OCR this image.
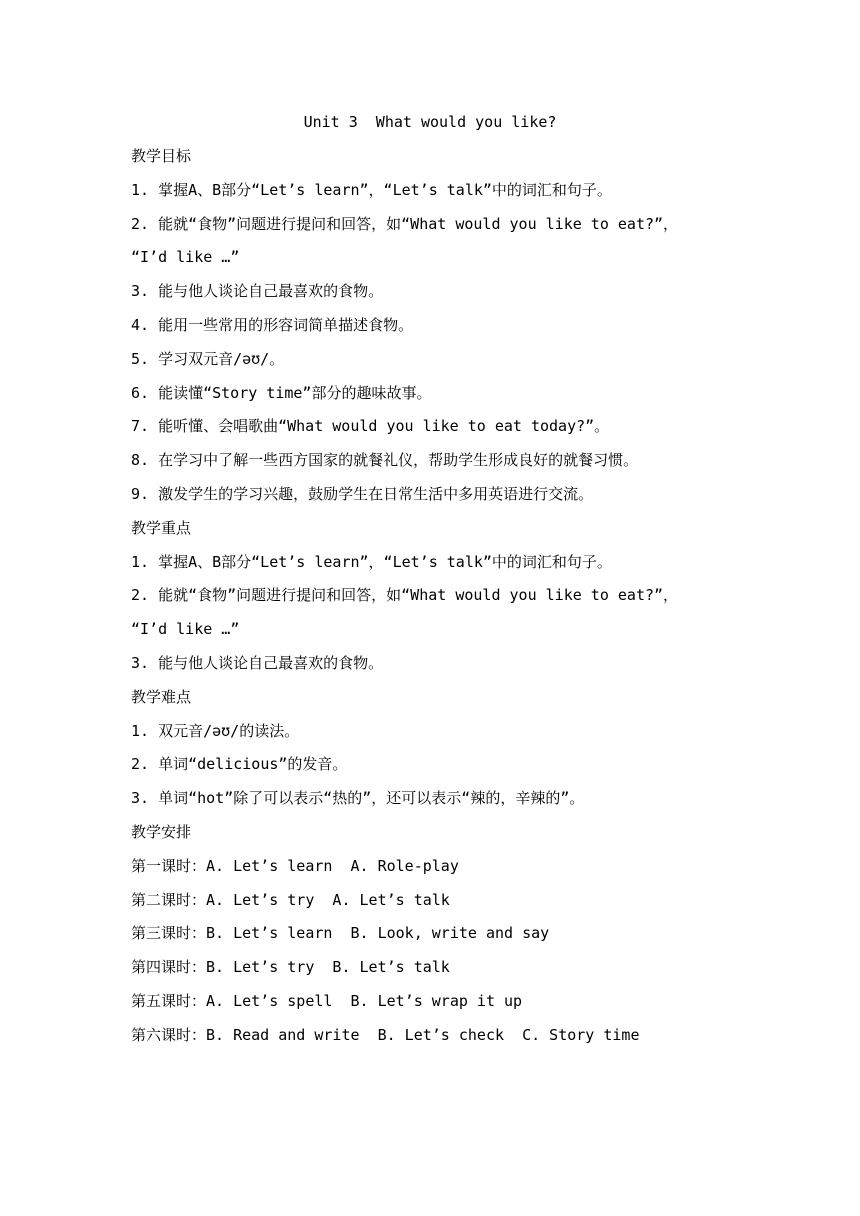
Unit 3  What would you like?
教学目标
1. 掌握A、B部分“Let’s learn”，“Let’s talk”中的词汇和句子。
2. 能就“食物”问题进行提问和回答，如“What would you like to eat?”，
“I’d like …”
3. 能与他人谈论自己最喜欢的食物。
4. 能用一些常用的形容词简单描述食物。
5. 学习双元音/əʊ/。
6. 能读懂“Story time”部分的趣味故事。
7. 能听懂、会唱歌曲“What would you like to eat today?”。
8. 在学习中了解一些西方国家的就餐礼仪，帮助学生形成良好的就餐习惯。
9. 激发学生的学习兴趣，鼓励学生在日常生活中多用英语进行交流。
教学重点
1. 掌握A、B部分“Let’s learn”，“Let’s talk”中的词汇和句子。
2. 能就“食物”问题进行提问和回答，如“What would you like to eat?”，
“I’d like …”
3. 能与他人谈论自己最喜欢的食物。
教学难点
1. 双元音/əʊ/的读法。
2. 单词“delicious”的发音。
3. 单词“hot”除了可以表示“热的”，还可以表示“辣的，辛辣的”。
教学安排
第一课时：A. Let’s learn  A. Role-play
第二课时：A. Let’s try  A. Let’s talk
第三课时：B. Let’s learn  B. Look, write and say
第四课时：B. Let’s try  B. Let’s talk
第五课时：A. Let’s spell  B. Let’s wrap it up
第六课时：B. Read and write  B. Let’s check  C. Story time
